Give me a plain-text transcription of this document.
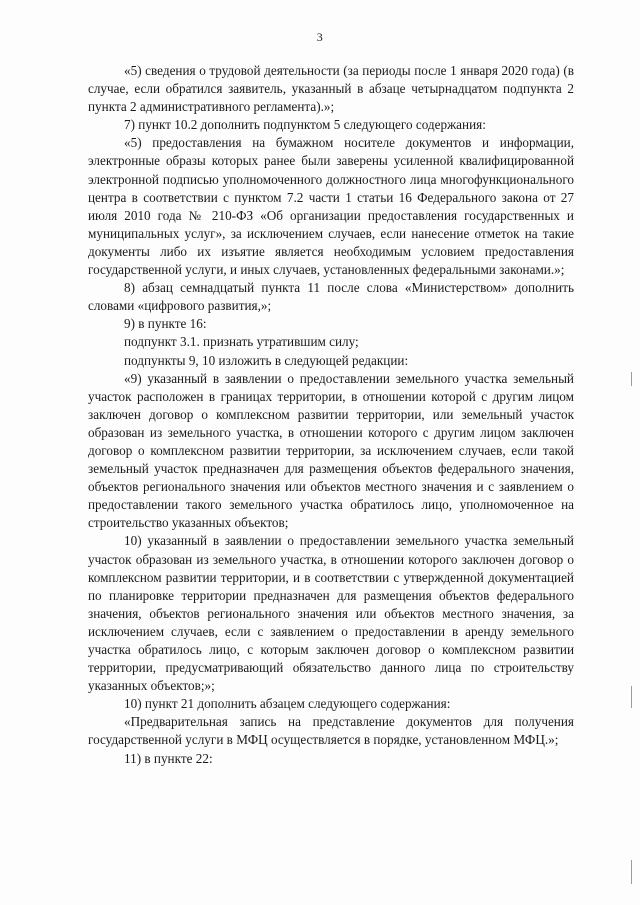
3

«5) сведения о трудовой деятельности (за периоды после 1 января 2020 года) (в случае, если обратился заявитель, указанный в абзаце четырнадцатом подпункта 2 пункта 2 административного регламента).»;

7) пункт 10.2 дополнить подпунктом 5 следующего содержания:

«5) предоставления на бумажном носителе документов и информации, электронные образы которых ранее были заверены усиленной квалифицированной электронной подписью уполномоченного должностного лица многофункционального центра в соответствии с пунктом 7.2 части 1 статьи 16 Федерального закона от 27 июля 2010 года № 210-ФЗ «Об организации предоставления государственных и муниципальных услуг», за исключением случаев, если нанесение отметок на такие документы либо их изъятие является необходимым условием предоставления государственной услуги, и иных случаев, установленных федеральными законами.»;

8) абзац семнадцатый пункта 11 после слова «Министерством» дополнить словами «цифрового развития,»;

9) в пункте 16:

подпункт 3.1. признать утратившим силу;

подпункты 9, 10 изложить в следующей редакции:

«9) указанный в заявлении о предоставлении земельного участка земельный участок расположен в границах территории, в отношении которой с другим лицом заключен договор о комплексном развитии территории, или земельный участок образован из земельного участка, в отношении которого с другим лицом заключен договор о комплексном развитии территории, за исключением случаев, если такой земельный участок предназначен для размещения объектов федерального значения, объектов регионального значения или объектов местного значения и с заявлением о предоставлении такого земельного участка обратилось лицо, уполномоченное на строительство указанных объектов;

10) указанный в заявлении о предоставлении земельного участка земельный участок образован из земельного участка, в отношении которого заключен договор о комплексном развитии территории, и в соответствии с утвержденной документацией по планировке территории предназначен для размещения объектов федерального значения, объектов регионального значения или объектов местного значения, за исключением случаев, если с заявлением о предоставлении в аренду земельного участка обратилось лицо, с которым заключен договор о комплексном развитии территории, предусматривающий обязательство данного лица по строительству указанных объектов;»;

10) пункт 21 дополнить абзацем следующего содержания:

«Предварительная запись на представление документов для получения государственной услуги в МФЦ осуществляется в порядке, установленном МФЦ.»;

11) в пункте 22:
